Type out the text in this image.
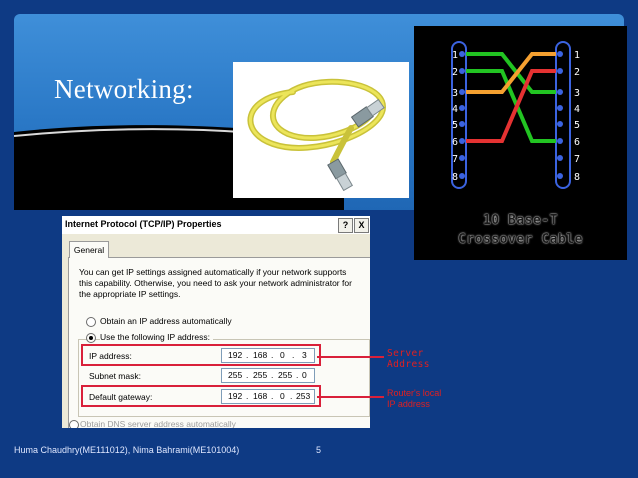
Networking:
1
2
3
4
5
6
7
8
1
2
3
4
5
6
7
8
10 Base-T
Crossover Cable
Internet Protocol (TCP/IP) Properties	?	X
General
You can get IP settings assigned automatically if your network supports this capability. Otherwise, you need to ask your network administrator for the appropriate IP settings.
Obtain an IP address automatically
Use the following IP address:
IP address:	192 . 168 . 0 . 3
Subnet mask:	255 . 255 . 255 . 0
Default gateway:	192 . 168 . 0 . 253
Obtain DNS server address automatically
Server
Address
Router's local
IP address
Huma Chaudhry(ME111012), Nima Bahrami(ME101004)	5
